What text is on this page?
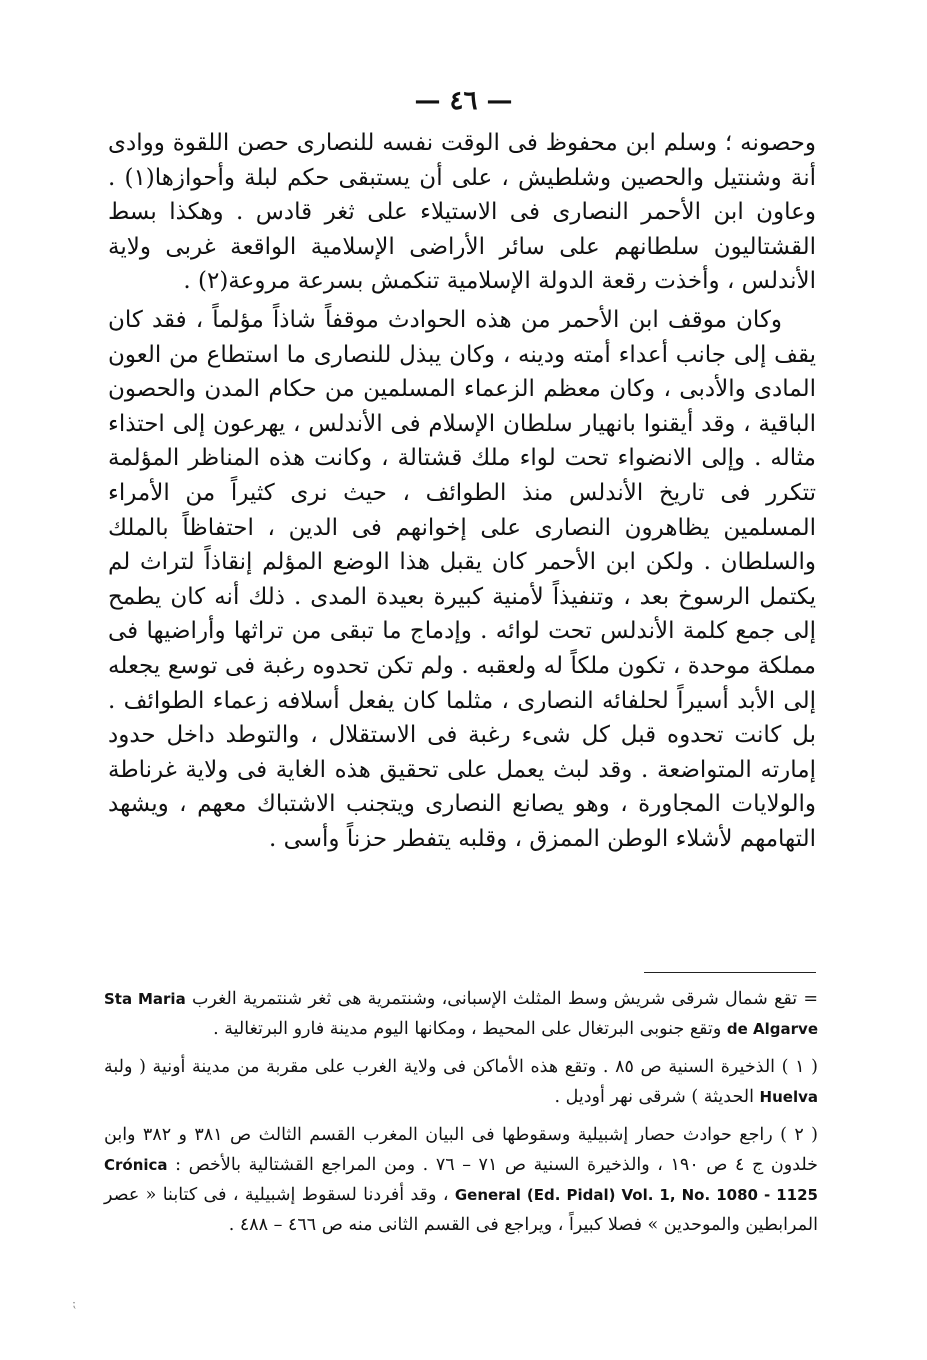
— ٤٦ —

وحصونه ؛ وسلم ابن محفوظ فى الوقت نفسه للنصارى حصن اللقوة ووادى أنة وشنتيل والحصين وشلطيش ، على أن يستبقى حكم لبلة وأحوازها(١) . وعاون ابن الأحمر النصارى فى الاستيلاء على ثغر قادس . وهكذا بسط القشتاليون سلطانهم على سائر الأراضى الإسلامية الواقعة غربى ولاية الأندلس ، وأخذت رقعة الدولة الإسلامية تنكمش بسرعة مروعة(٢) .

وكان موقف ابن الأحمر من هذه الحوادث موقفاً شاذاً مؤلماً ، فقد كان يقف إلى جانب أعداء أمته ودينه ، وكان يبذل للنصارى ما استطاع من العون المادى والأدبى ، وكان معظم الزعماء المسلمين من حكام المدن والحصون الباقية ، وقد أيقنوا بانهيار سلطان الإسلام فى الأندلس ، يهرعون إلى احتذاء مثاله . وإلى الانضواء تحت لواء ملك قشتالة ، وكانت هذه المناظر المؤلمة تتكرر فى تاريخ الأندلس منذ الطوائف ، حيث نرى كثيراً من الأمراء المسلمين يظاهرون النصارى على إخوانهم فى الدين ، احتفاظاً بالملك والسلطان . ولكن ابن الأحمر كان يقبل هذا الوضع المؤلم إنقاذاً لتراث لم يكتمل الرسوخ بعد ، وتنفيذاً لأمنية كبيرة بعيدة المدى . ذلك أنه كان يطمح إلى جمع كلمة الأندلس تحت لوائه . وإدماج ما تبقى من تراثها وأراضيها فى مملكة موحدة ، تكون ملكاً له ولعقبه . ولم تكن تحدوه رغبة فى توسع يجعله إلى الأبد أسيراً لحلفائه النصارى ، مثلما كان يفعل أسلافه زعماء الطوائف . بل كانت تحدوه قبل كل شىء رغبة فى الاستقلال ، والتوطد داخل حدود إمارته المتواضعة . وقد لبث يعمل على تحقيق هذه الغاية فى ولاية غرناطة والولايات المجاورة ، وهو يصانع النصارى ويتجنب الاشتباك معهم ، ويشهد التهامهم لأشلاء الوطن الممزق ، وقلبه يتفطر حزناً وأسى .

= تقع شمال شرقى شريش وسط المثلث الإسبانى، وشنتمرية هى ثغر شنتمرية الغرب Sta Maria de Algarve وتقع جنوبى البرتغال على المحيط ، ومكانها اليوم مدينة فارو البرتغالية .

( ١ ) الذخيرة السنية ص ٨٥ . وتقع هذه الأماكن فى ولاية الغرب على مقربة من مدينة أونية ( ولبة Huelva الحديثة ) شرقى نهر أوديل .

( ٢ ) راجع حوادث حصار إشبيلية وسقوطها فى البيان المغرب القسم الثالث ص ٣٨١ و ٣٨٢ وابن خلدون ج ٤ ص ١٩٠ ، والذخيرة السنية ص ٧١ – ٧٦ . ومن المراجع القشتالية بالأخص : Crónica General (Ed. Pidal) Vol. 1, No. 1080 - 1125 ، وقد أفردنا لسقوط إشبيلية ، فى كتابنا « عصر المرابطين والموحدين » فصلا كبيراً ، ويراجع فى القسم الثانى منه ص ٤٦٦ – ٤٨٨ .

⁏
